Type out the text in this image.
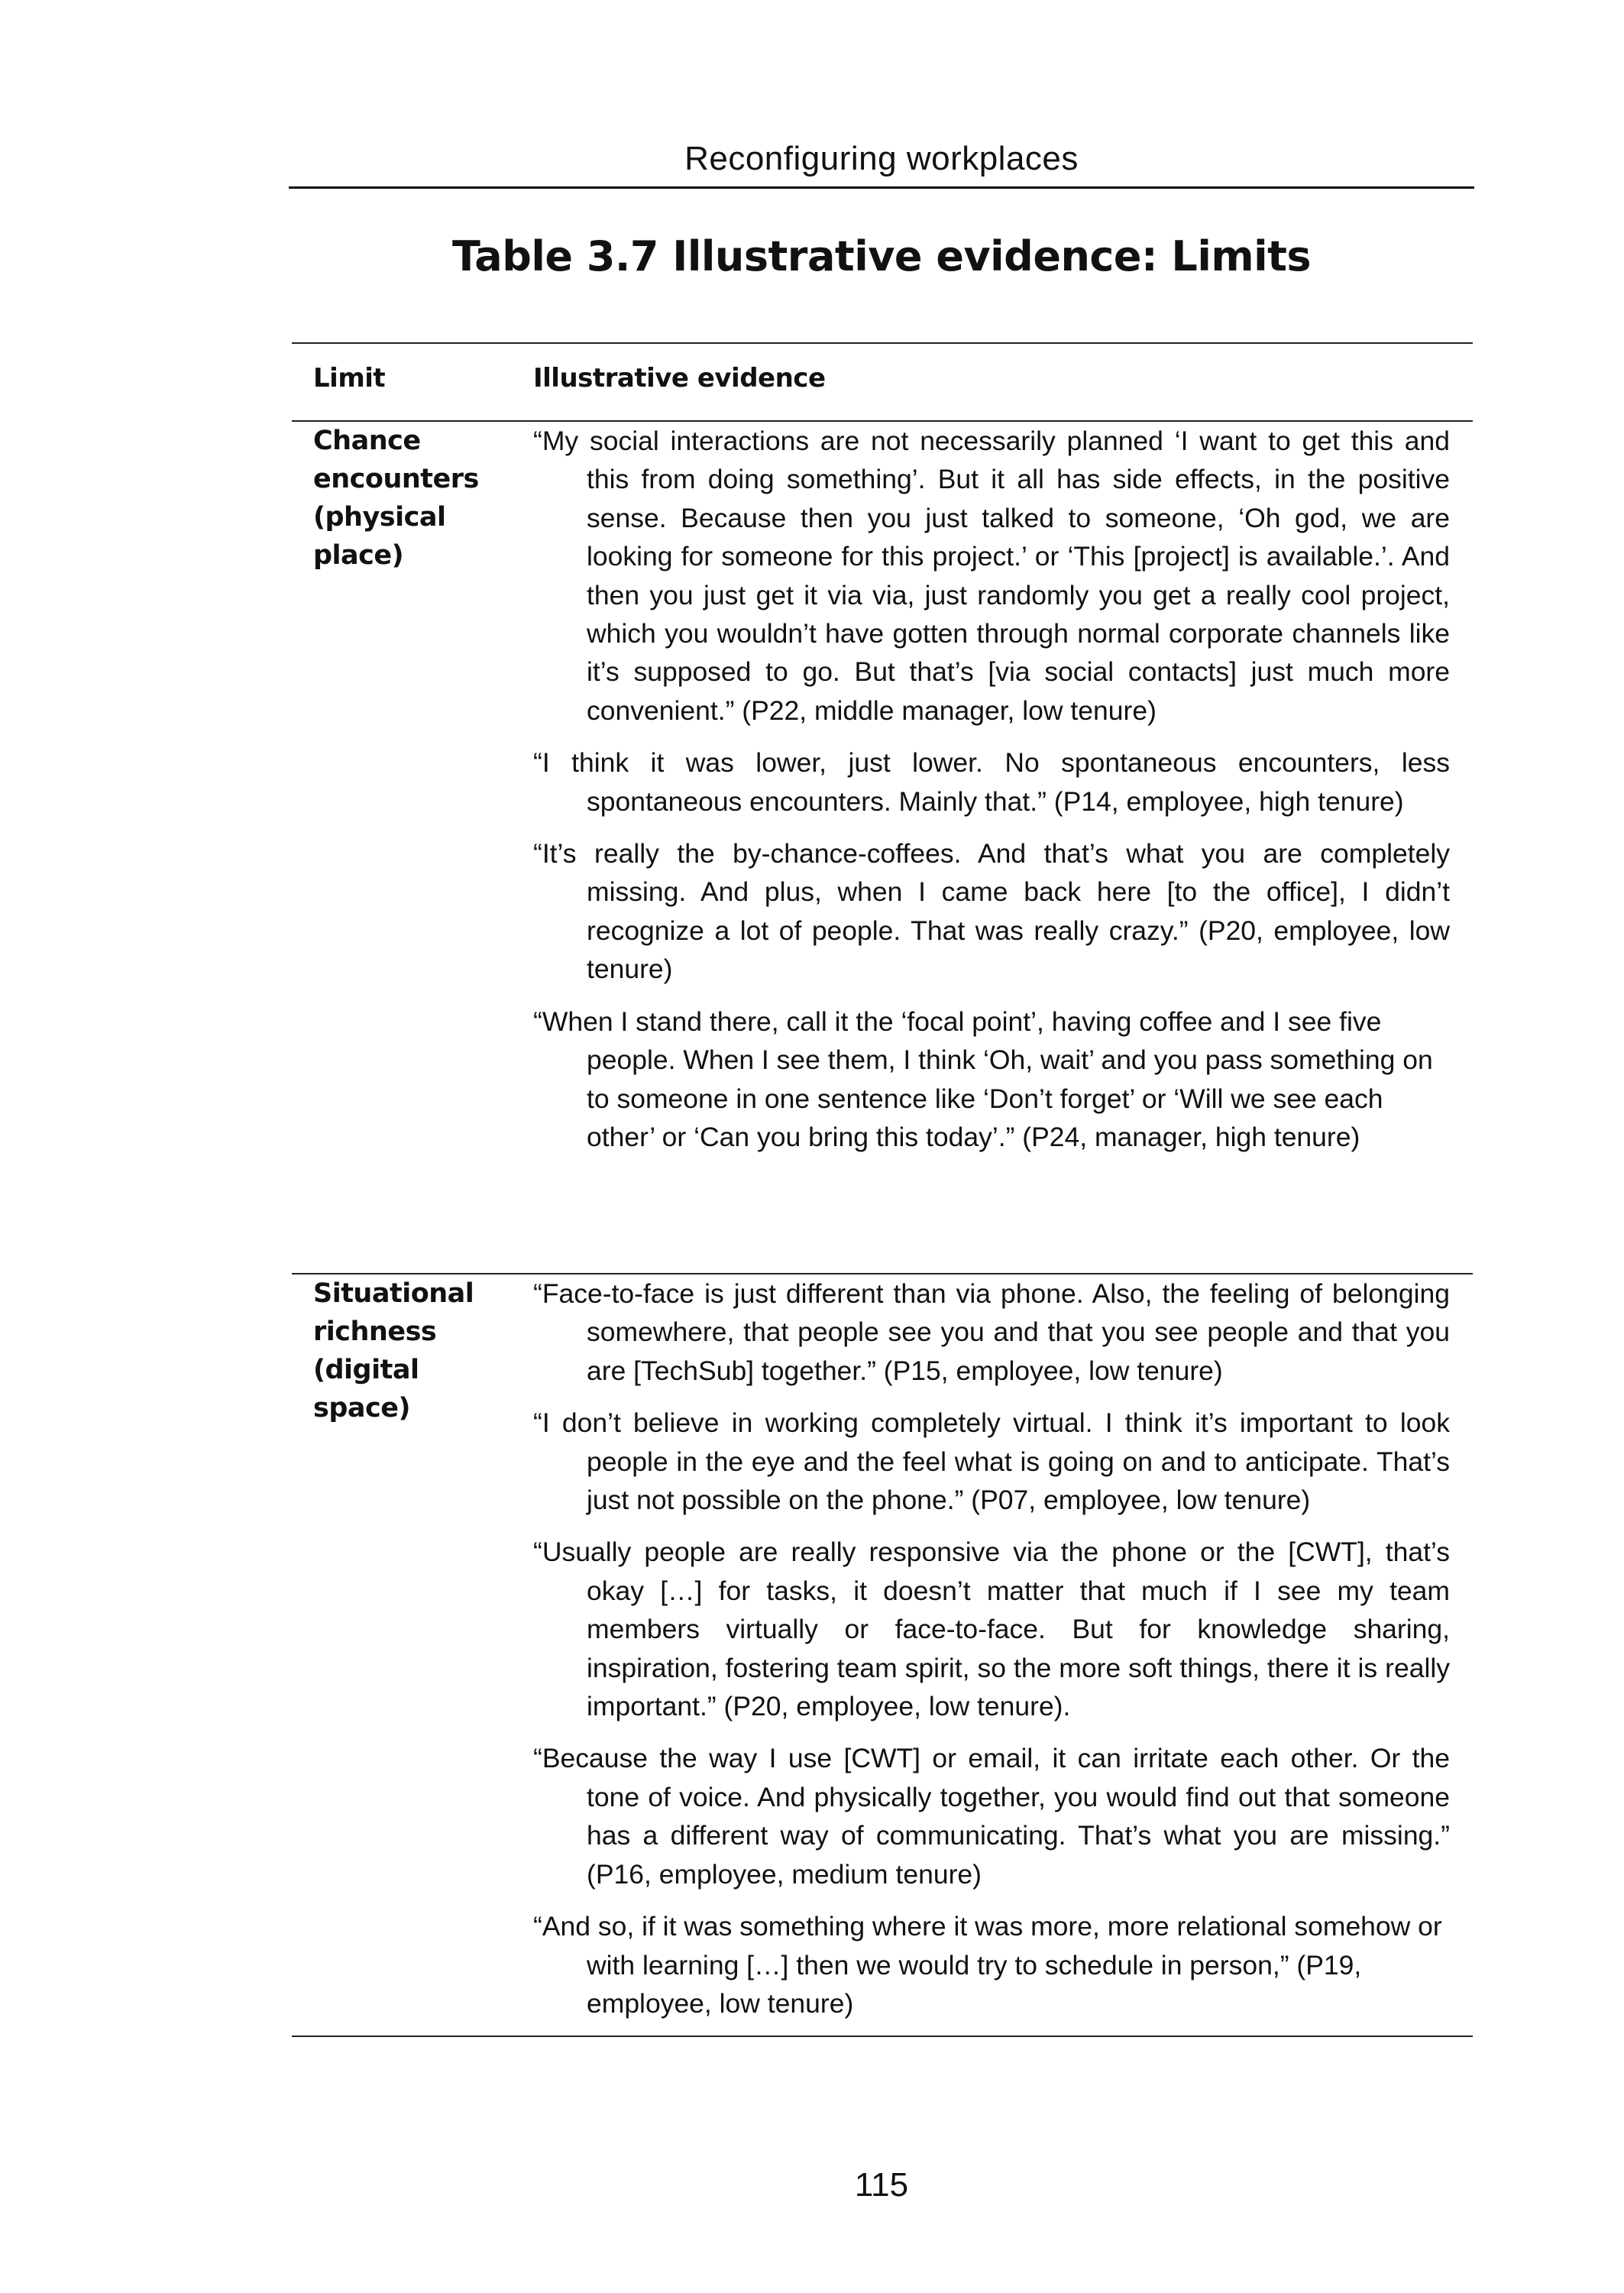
Reconfiguring workplaces
Table 3.7 Illustrative evidence: Limits
Limit	Illustrative evidence
Chance encounters (physical place)

“My social interactions are not necessarily planned ‘I want to get this and this from doing something’. But it all has side effects, in the positive sense. Because then you just talked to someone, ‘Oh god, we are looking for someone for this project.’ or ‘This [project] is available.’. And then you just get it via via, just randomly you get a really cool project, which you wouldn’t have gotten through normal corporate channels like it’s supposed to go. But that’s [via social contacts] just much more convenient.” (P22, middle manager, low tenure)

“I think it was lower, just lower. No spontaneous encounters, less spontaneous encounters. Mainly that.” (P14, employee, high tenure)

“It’s really the by-chance-coffees. And that’s what you are completely missing. And plus, when I came back here [to the office], I didn’t recognize a lot of people. That was really crazy.” (P20, employee, low tenure)

“When I stand there, call it the ‘focal point’, having coffee and I see five people. When I see them, I think ‘Oh, wait’ and you pass something on to someone in one sentence like ‘Don’t forget’ or ‘Will we see each other’ or ‘Can you bring this today’.” (P24, manager, high tenure)

Situational richness (digital space)

“Face-to-face is just different than via phone. Also, the feeling of belonging somewhere, that people see you and that you see people and that you are [TechSub] together.” (P15, employee, low tenure)

“I don’t believe in working completely virtual. I think it’s important to look people in the eye and the feel what is going on and to anticipate. That’s just not possible on the phone.” (P07, employee, low tenure)

“Usually people are really responsive via the phone or the [CWT], that’s okay […] for tasks, it doesn’t matter that much if I see my team members virtually or face-to-face. But for knowledge sharing, inspiration, fostering team spirit, so the more soft things, there it is really important.” (P20, employee, low tenure).

“Because the way I use [CWT] or email, it can irritate each other. Or the tone of voice. And physically together, you would find out that someone has a different way of communicating. That’s what you are missing.” (P16, employee, medium tenure)

“And so, if it was something where it was more, more relational somehow or with learning […] then we would try to schedule in person,” (P19, employee, low tenure)

115
